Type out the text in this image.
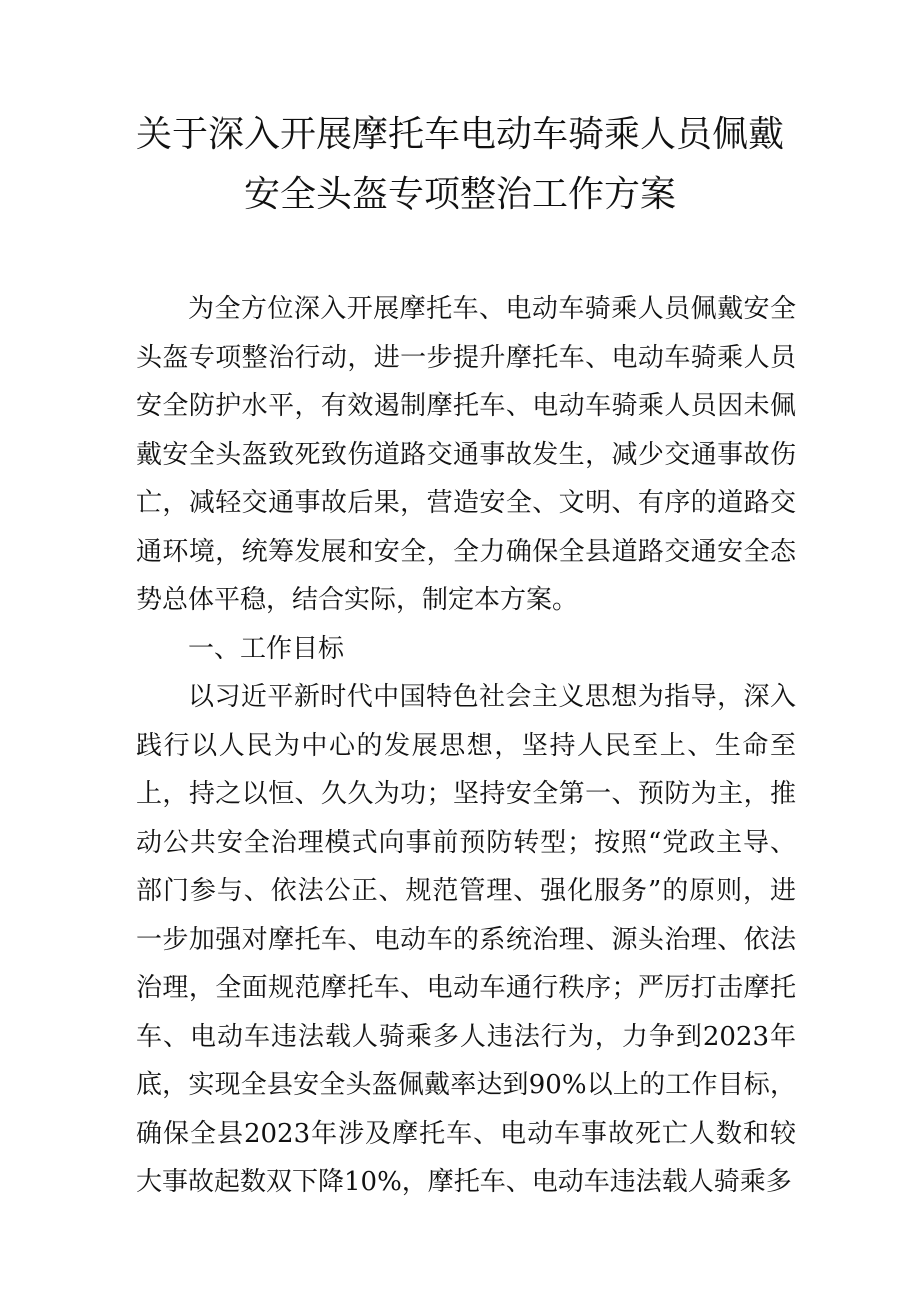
关于深入开展摩托车电动车骑乘人员佩戴
安全头盔专项整治工作方案

为全方位深入开展摩托车、电动车骑乘人员佩戴安全头盔专项整治行动，进一步提升摩托车、电动车骑乘人员安全防护水平，有效遏制摩托车、电动车骑乘人员因未佩戴安全头盔致死致伤道路交通事故发生，减少交通事故伤亡，减轻交通事故后果，营造安全、文明、有序的道路交通环境，统筹发展和安全，全力确保全县道路交通安全态势总体平稳，结合实际，制定本方案。

一、工作目标

以习近平新时代中国特色社会主义思想为指导，深入践行以人民为中心的发展思想，坚持人民至上、生命至上，持之以恒、久久为功；坚持安全第一、预防为主，推动公共安全治理模式向事前预防转型；按照“党政主导、部门参与、依法公正、规范管理、强化服务”的原则，进一步加强对摩托车、电动车的系统治理、源头治理、依法治理，全面规范摩托车、电动车通行秩序；严厉打击摩托车、电动车违法载人骑乘多人违法行为，力争到2023年底，实现全县安全头盔佩戴率达到90%以上的工作目标，确保全县2023年涉及摩托车、电动车事故死亡人数和较大事故起数双下降10%，摩托车、电动车违法载人骑乘多
